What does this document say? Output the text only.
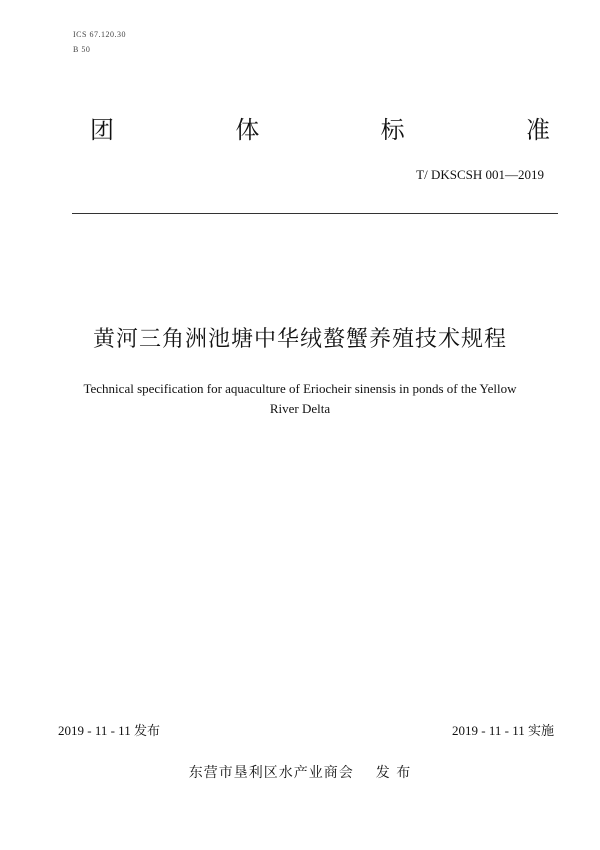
ICS 67.120.30
B 50
团	体	标	准
T/ DKSCSH 001—2019
黄河三角洲池塘中华绒螯蟹养殖技术规程
Technical specification for aquaculture of Eriocheir sinensis in ponds of the Yellow
River Delta
2019 - 11 - 11 发布	2019 - 11 - 11 实施
东营市垦利区水产业商会 发 布
